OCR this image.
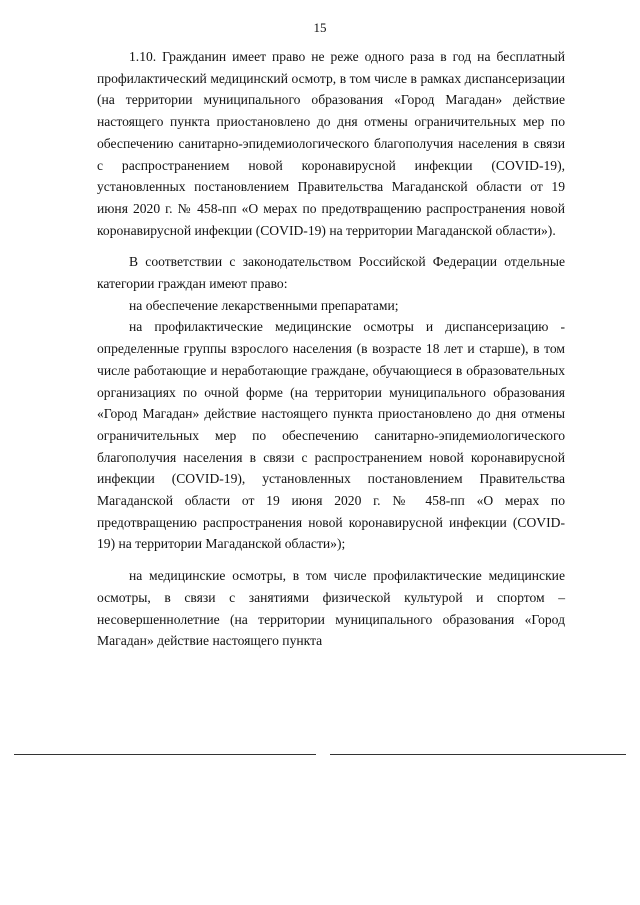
15

1.10. Гражданин имеет право не реже одного раза в год на бесплатный профилактический медицинский осмотр, в том числе в рамках диспансеризации (на территории муниципального образования «Город Магадан» действие настоящего пункта приостановлено до дня отмены ограничительных мер по обеспечению санитарно-эпидемиологического благополучия населения в связи с распространением новой коронавирусной инфекции (COVID-19), установленных постановлением Правительства Магаданской области от 19 июня 2020 г. № 458-пп «О мерах по предотвращению распространения новой коронавирусной инфекции (COVID-19) на территории Магаданской области»).

В соответствии с законодательством Российской Федерации отдельные категории граждан имеют право:

на обеспечение лекарственными препаратами;

на профилактические медицинские осмотры и диспансеризацию - определенные группы взрослого населения (в возрасте 18 лет и старше), в том числе работающие и неработающие граждане, обучающиеся в образовательных организациях по очной форме (на территории муниципального образования «Город Магадан» действие настоящего пункта приостановлено до дня отмены ограничительных мер по обеспечению санитарно-эпидемиологического благополучия населения в связи с распространением новой коронавирусной инфекции (COVID-19), установленных постановлением Правительства Магаданской области от 19 июня 2020 г. № 458-пп «О мерах по предотвращению распространения новой коронавирусной инфекции (COVID-19) на территории Магаданской области»);

на медицинские осмотры, в том числе профилактические медицинские осмотры, в связи с занятиями физической культурой и спортом – несовершеннолетние (на территории муниципального образования «Город Магадан» действие настоящего пункта
